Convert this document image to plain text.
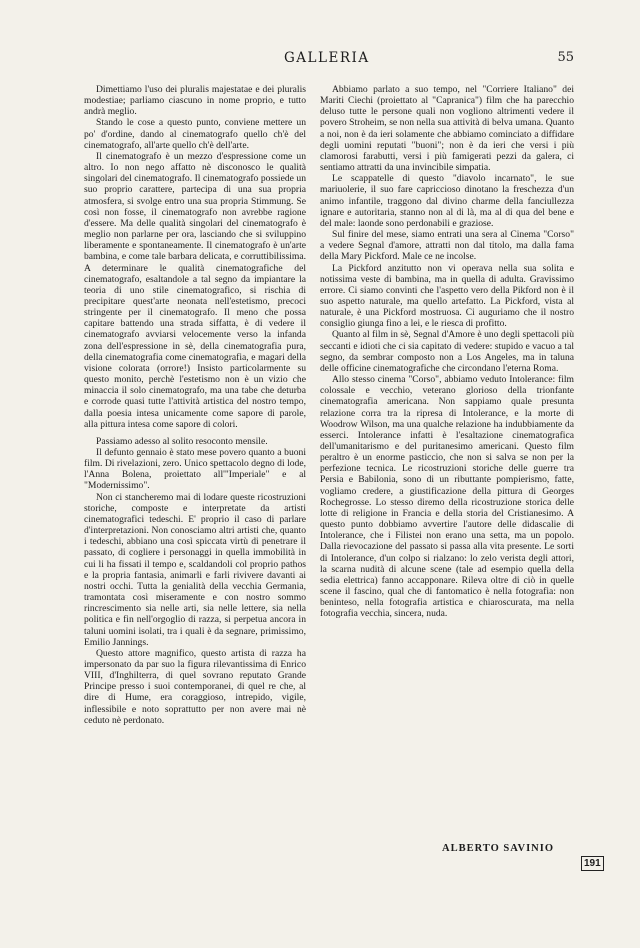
GALLERIA	55

Dimettiamo l'uso dei pluralis majestatae e dei pluralis modestiae; parliamo ciascuno in nome proprio, e tutto andrà meglio.

Stando le cose a questo punto, conviene mettere un po' d'ordine, dando al cinematografo quello ch'è del cinematografo, all'arte quello ch'è dell'arte.

Il cinematografo è un mezzo d'espressione come un altro. Io non nego affatto nè disconosco le qualità singolari del cinematografo. Il cinematografo possiede un suo proprio carattere, partecipa di una sua propria atmosfera, si svolge entro una sua propria Stimmung. Se così non fosse, il cinematografo non avrebbe ragione d'essere. Ma delle qualità singolari del cinematografo è meglio non parlarne per ora, lasciando che si sviluppino liberamente e spontaneamente. Il cinematografo è un'arte bambina, e come tale barbara delicata, e corruttibilissima. A determinare le qualità cinematografiche del cinematografo, esaltandole a tal segno da impiantare la teoria di uno stile cinematografico, si rischia di precipitare quest'arte neonata nell'estetismo, precoci stringente per il cinematografo. Il meno che possa capitare battendo una strada siffatta, è di vedere il cinematografo avviarsi velocemente verso la infanda zona dell'espressione in sè, della cinematografia pura, della cinematografia come cinematografia, e magari della visione colorata (orrore!) Insisto particolarmente su questo monito, perchè l'estetismo non è un vizio che minaccia il solo cinematografo, ma una tabe che deturba e corrode quasi tutte l'attività artistica del nostro tempo, dalla poesia intesa unicamente come sapore di parole, alla pittura intesa come sapore di colori.

Passiamo adesso al solito resoconto mensile.

Il defunto gennaio è stato mese povero quanto a buoni film. Di rivelazioni, zero. Unico spettacolo degno di lode, l'Anna Bolena, proiettato all'"Imperiale" e al "Modernissimo".

Non ci stancheremo mai di lodare queste ricostruzioni storiche, composte e interpretate da artisti cinematografici tedeschi. E' proprio il caso di parlare d'interpretazioni. Non conosciamo altri artisti che, quanto i tedeschi, abbiano una così spiccata virtù di penetrare il passato, di cogliere i personaggi in quella immobilità in cui li ha fissati il tempo e, scaldandoli col proprio pathos e la propria fantasia, animarli e farli rivivere davanti ai nostri occhi. Tutta la genialità della vecchia Germania, tramontata così miseramente e con nostro sommo rincrescimento sia nelle arti, sia nelle lettere, sia nella politica e fin nell'orgoglio di razza, si perpetua ancora in taluni uomini isolati, tra i quali è da segnare, primissimo, Emilio Jannings.

Questo attore magnifico, questo artista di razza ha impersonato da par suo la figura rilevantissima di Enrico VIII, d'Inghilterra, di quel sovrano reputato Grande Principe presso i suoi contemporanei, di quel re che, al dire di Hume, era coraggioso, intrepido, vigile, inflessibile e noto soprattutto per non avere mai nè ceduto nè perdonato.

Abbiamo parlato a suo tempo, nel "Corriere Italiano" dei Mariti Ciechi (proiettato al "Capranica") film che ha parecchio deluso tutte le persone quali non vogliono altrimenti vedere il povero Stroheim, se non nella sua attività di belva umana. Quanto a noi, non è da ieri solamente che abbiamo cominciato a diffidare degli uomini reputati "buoni"; non è da ieri che versi i più clamorosi farabutti, versi i più famigerati pezzi da galera, ci sentiamo attratti da una invincibile simpatia.

Le scappatelle di questo "diavolo incarnato", le sue mariuolerie, il suo fare capriccioso dinotano la freschezza d'un animo infantile, traggono dal divino charme della fanciullezza ignare e autoritaria, stanno non al di là, ma al di qua del bene e del male: laonde sono perdonabili e graziose.

Sul finire del mese, siamo entrati una sera al Cinema "Corso" a vedere Segnal d'amore, attratti non dal titolo, ma dalla fama della Mary Pickford. Male ce ne incolse.

La Pickford anzitutto non vi operava nella sua solita e notissima veste di bambina, ma in quella di adulta. Gravissimo errore. Ci siamo convinti che l'aspetto vero della Pikford non è il suo aspetto naturale, ma quello artefatto. La Pickford, vista al naturale, è una Pickford mostruosa. Ci auguriamo che il nostro consiglio giunga fino a lei, e le riesca di profitto.

Quanto al film in sè, Segnal d'Amore è uno degli spettacoli più seccanti e idioti che ci sia capitato di vedere: stupido e vacuo a tal segno, da sembrar composto non a Los Angeles, ma in taluna delle officine cinematografiche che circondano l'eterna Roma.

Allo stesso cinema "Corso", abbiamo veduto Intolerance: film colossale e vecchio, veterano glorioso della trionfante cinematografia americana. Non sappiamo quale presunta relazione corra tra la ripresa di Intolerance, e la morte di Woodrow Wilson, ma una qualche relazione ha indubbiamente da esserci. Intolerance infatti è l'esaltazione cinematografica dell'umanitarismo e del puritanesimo americani. Questo film peraltro è un enorme pasticcio, che non si salva se non per la perfezione tecnica. Le ricostruzioni storiche delle guerre tra Persia e Babilonia, sono di un ributtante pompierismo, fatte, vogliamo credere, a giustificazione della pittura di Georges Rochegrosse. Lo stesso diremo della ricostruzione storica delle lotte di religione in Francia e della storia del Cristianesimo. A questo punto dobbiamo avvertire l'autore delle didascalie di Intolerance, che i Filistei non erano una setta, ma un popolo. Dalla rievocazione del passato si passa alla vita presente. Le sorti di Intolerance, d'un colpo si rialzano: lo zelo verista degli attori, la scarna nudità di alcune scene (tale ad esempio quella della sedia elettrica) fanno accapponare. Rileva oltre di ciò in quelle scene il fascino, qual che di fantomatico è nella fotografia: non beninteso, nella fotografia artistica e chiaroscurata, ma nella fotografia vecchia, sincera, nuda.

ALBERTO SAVINIO
191
